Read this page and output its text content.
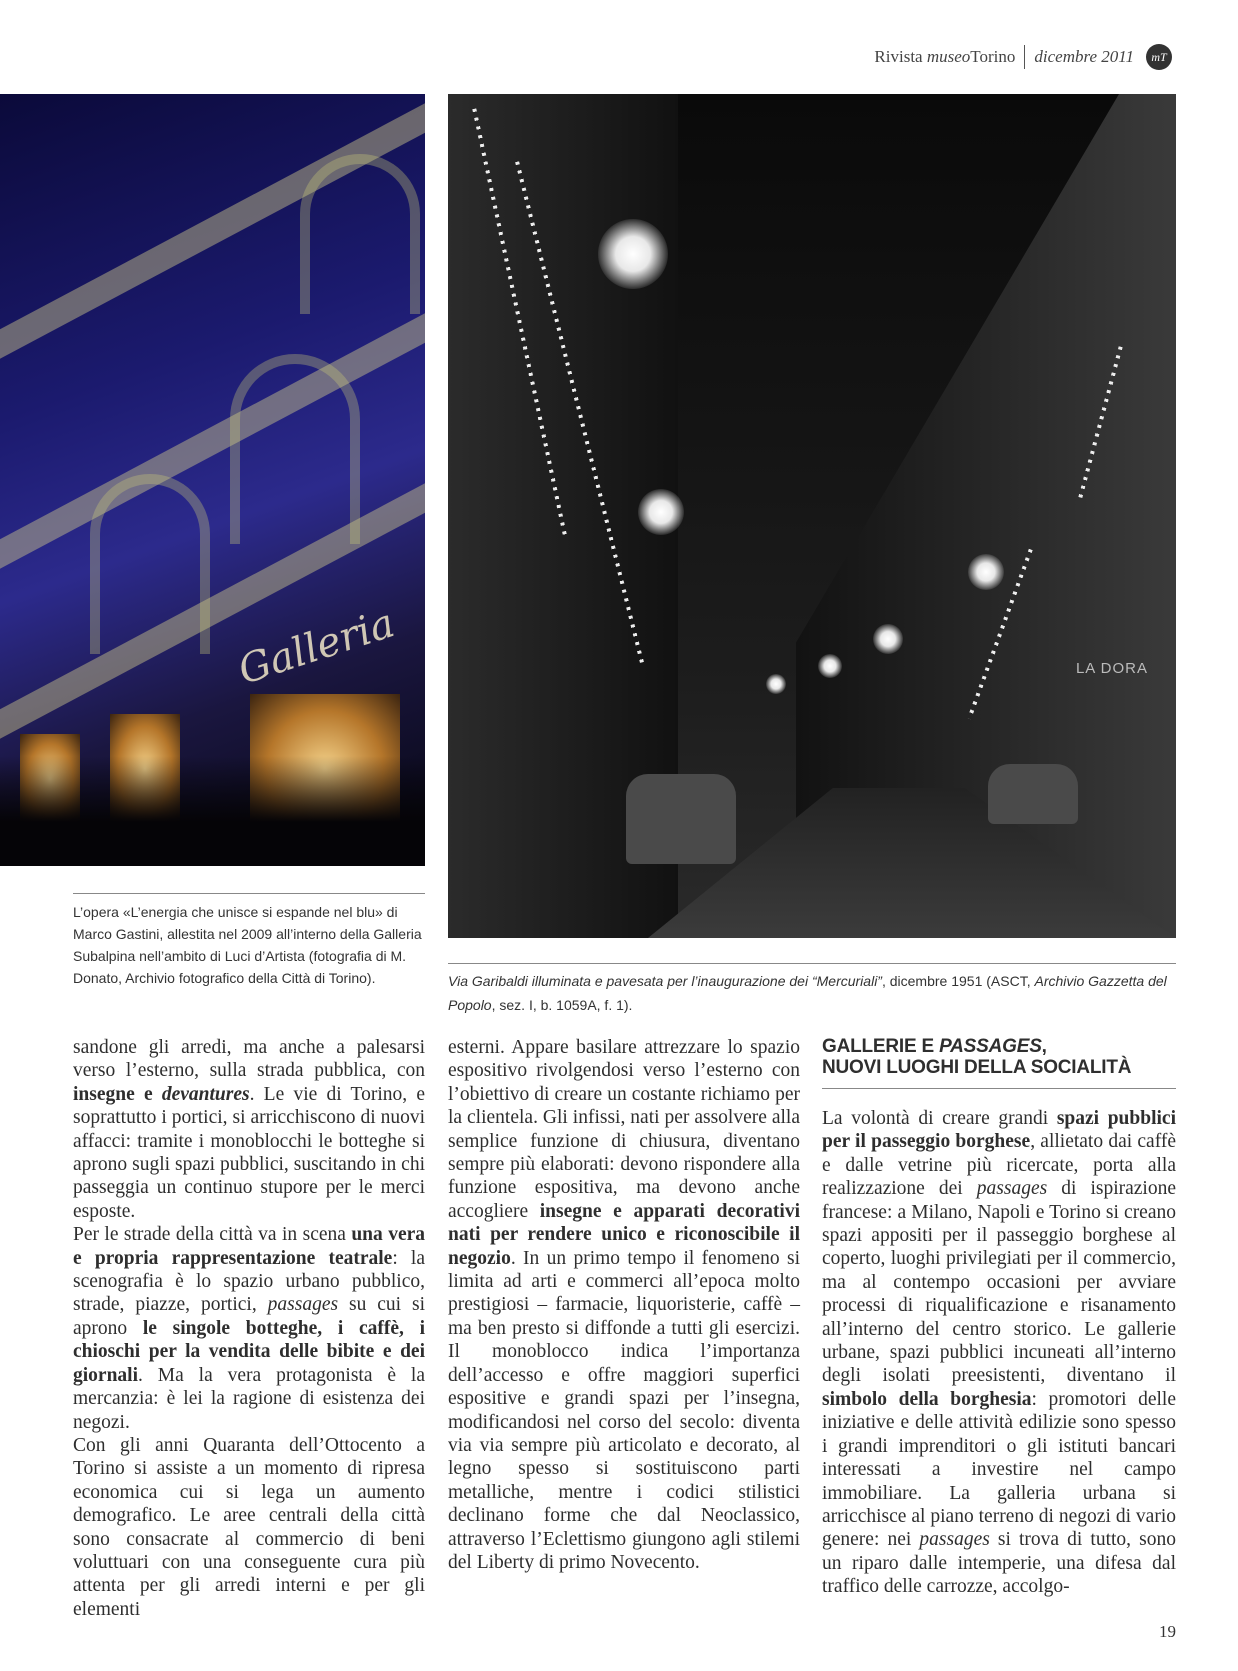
Rivista museoTorino dicembre 2011	mT
Galleria	LA DORA
L’opera «L’energia che unisce si espande nel blu» di Marco Gastini, allestita nel 2009 all’interno della Galleria Subalpina nell’ambito di Luci d’Artista (fotografia di M. Donato, Archivio fotografico della Città di Torino).	Via Garibaldi illuminata e pavesata per l’inaugurazione dei “Mercuriali”, dicembre 1951 (ASCT, Archivio Gazzetta del Popolo, sez. I, b. 1059A, f. 1).

sandone gli arredi, ma anche a palesarsi verso l’esterno, sulla strada pubblica, con insegne e devantures. Le vie di Torino, e soprattutto i portici, si arricchiscono di nuovi affacci: tramite i monoblocchi le botteghe si aprono sugli spazi pubblici, suscitando in chi passeggia un continuo stupore per le merci esposte.

Per le strade della città va in scena una vera e propria rappresentazione teatrale: la scenografia è lo spazio urbano pubblico, strade, piazze, portici, passages su cui si aprono le singole botteghe, i caffè, i chioschi per la vendita delle bibite e dei giornali. Ma la vera protagonista è la mercanzia: è lei la ragione di esistenza dei negozi.

Con gli anni Quaranta dell’Ottocento a Torino si assiste a un momento di ripresa economica cui si lega un aumento demografico. Le aree centrali della città sono consacrate al commercio di beni voluttuari con una conseguente cura più attenta per gli arredi interni e per gli elementi

esterni. Appare basilare attrezzare lo spazio espositivo rivolgendosi verso l’esterno con l’obiettivo di creare un costante richiamo per la clientela. Gli infissi, nati per assolvere alla semplice funzione di chiusura, diventano sempre più elaborati: devono rispondere alla funzione espositiva, ma devono anche accogliere insegne e apparati decorativi nati per rendere unico e riconoscibile il negozio. In un primo tempo il fenomeno si limita ad arti e commerci all’epoca molto prestigiosi – farmacie, liquoristerie, caffè – ma ben presto si diffonde a tutti gli esercizi. Il monoblocco indica l’importanza dell’accesso e offre maggiori superfici espositive e grandi spazi per l’insegna, modificandosi nel corso del secolo: diventa via via sempre più articolato e decorato, al legno spesso si sostituiscono parti metalliche, mentre i codici stilistici declinano forme che dal Neoclassico, attraverso l’Eclettismo giungono agli stilemi del Liberty di primo Novecento.

GALLERIE E PASSAGES,
NUOVI LUOGHI DELLA SOCIALITÀ

La volontà di creare grandi spazi pubblici per il passeggio borghese, allietato dai caffè e dalle vetrine più ricercate, porta alla realizzazione dei passages di ispirazione francese: a Milano, Napoli e Torino si creano spazi appositi per il passeggio borghese al coperto, luoghi privilegiati per il commercio, ma al contempo occasioni per avviare processi di riqualificazione e risanamento all’interno del centro storico. Le gallerie urbane, spazi pubblici incuneati all’interno degli isolati preesistenti, diventano il simbolo della borghesia: promotori delle iniziative e delle attività edilizie sono spesso i grandi imprenditori o gli istituti bancari interessati a investire nel campo immobiliare. La galleria urbana si arricchisce al piano terreno di negozi di vario genere: nei passages si trova di tutto, sono un riparo dalle intemperie, una difesa dal traffico delle carrozze, accolgo-

19
